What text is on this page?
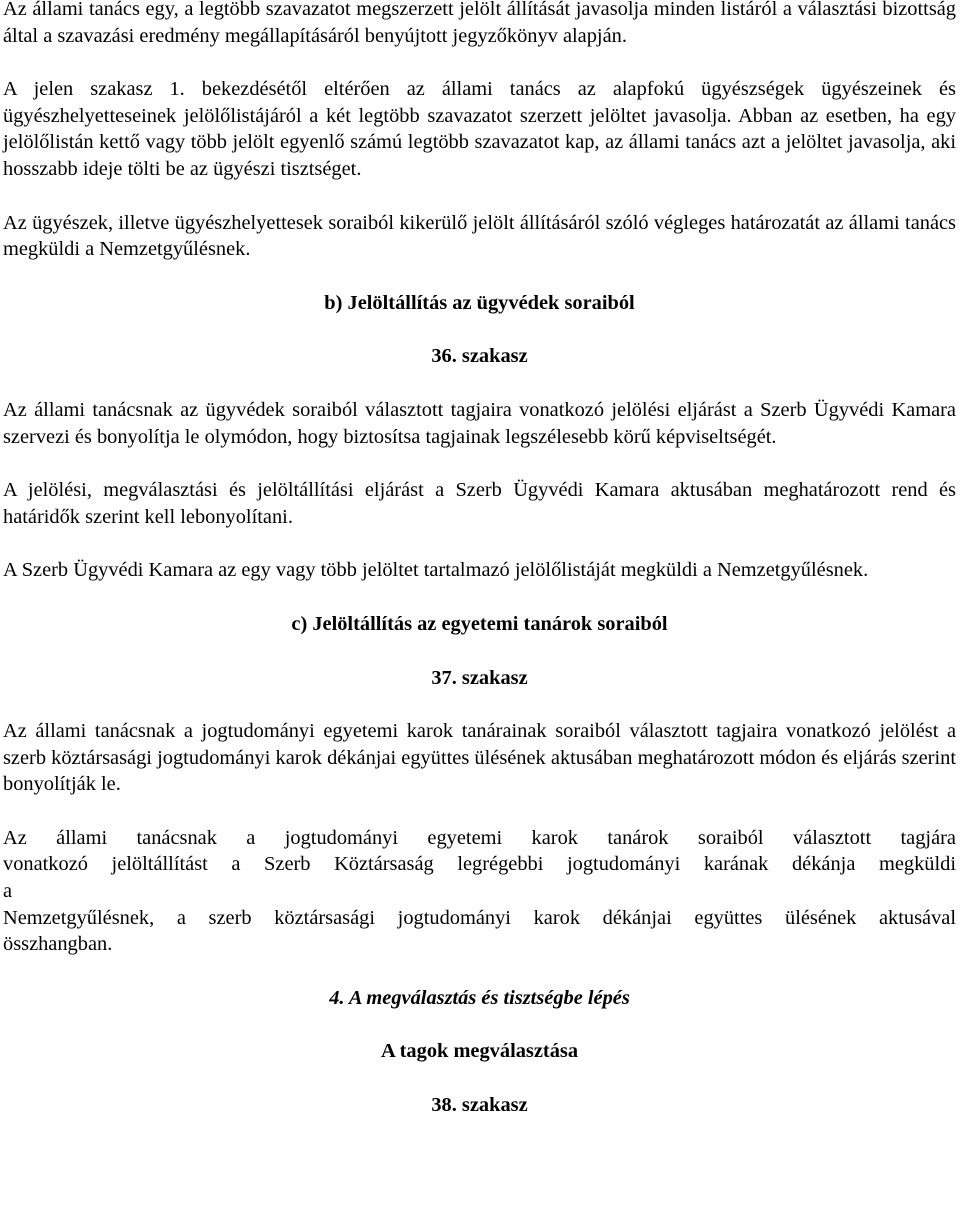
Az állami tanács egy, a legtöbb szavazatot megszerzett jelölt állítását javasolja minden listáról a választási bizottság által a szavazási eredmény megállapításáról benyújtott jegyzőkönyv alapján.

A jelen szakasz 1. bekezdésétől eltérően az állami tanács az alapfokú ügyészségek ügyészeinek és ügyészhelyetteseinek jelölőlistájáról a két legtöbb szavazatot szerzett jelöltet javasolja. Abban az esetben, ha egy jelölőlistán kettő vagy több jelölt egyenlő számú legtöbb szavazatot kap, az állami tanács azt a jelöltet javasolja, aki hosszabb ideje tölti be az ügyészi tisztséget.

Az ügyészek, illetve ügyészhelyettesek soraiból kikerülő jelölt állításáról szóló végleges határozatát az állami tanács megküldi a Nemzetgyűlésnek.

b) Jelöltállítás az ügyvédek soraiból
36. szakasz

Az állami tanácsnak az ügyvédek soraiból választott tagjaira vonatkozó jelölési eljárást a Szerb Ügyvédi Kamara szervezi és bonyolítja le olymódon, hogy biztosítsa tagjainak legszélesebb körű képviseltségét.

A jelölési, megválasztási és jelöltállítási eljárást a Szerb Ügyvédi Kamara aktusában meghatározott rend és határidők szerint kell lebonyolítani.

A Szerb Ügyvédi Kamara az egy vagy több jelöltet tartalmazó jelölőlistáját megküldi a Nemzetgyűlésnek.

c) Jelöltállítás az egyetemi tanárok soraiból
37. szakasz

Az állami tanácsnak a jogtudományi egyetemi karok tanárainak soraiból választott tagjaira vonatkozó jelölést a szerb köztársasági jogtudományi karok dékánjai együttes ülésének aktusában meghatározott módon és eljárás szerint bonyolítják le.

Az állami tanácsnak a jogtudományi egyetemi karok tanárok soraiból választott tagjára
vonatkozó jelöltállítást a Szerb Köztársaság legrégebbi jogtudományi karának dékánja megküldi
a
Nemzetgyűlésnek, a szerb köztársasági jogtudományi karok dékánjai együttes ülésének aktusával
összhangban.
4. A megválasztás és tisztségbe lépés
A tagok megválasztása
38. szakasz
